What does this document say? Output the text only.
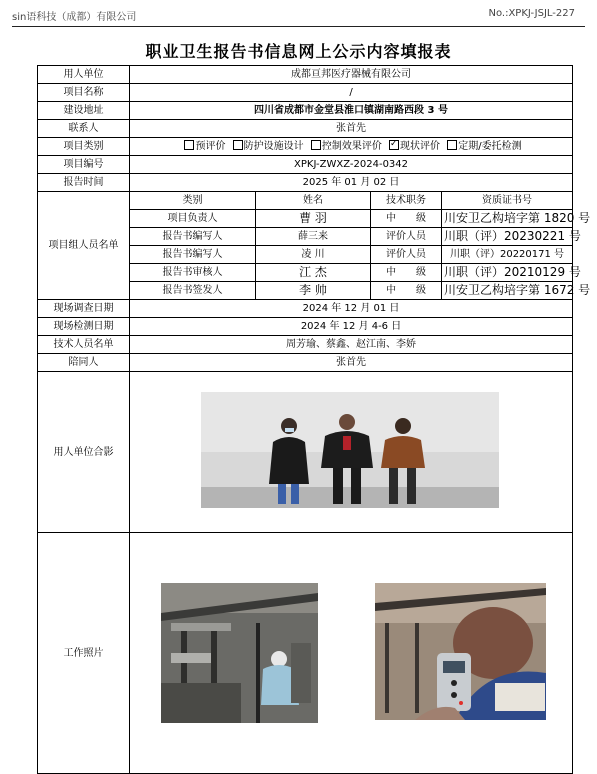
sin语科技（成都）有限公司	No.:XPKJ-JSJL-227
职业卫生报告书信息网上公示内容填报表
用人单位	成都亘邦医疗器械有限公司			
项目名称	/			
建设地址	四川省成都市金堂县淮口镇湖南路西段 3 号			
联系人	张首先			
项目类别	预评价 防护设施设计 控制效果评价 ✓ 现状评价 定期/委托检测
项目编号	XPKJ-ZWXZ-2024-0342			
报告时间	2025 年 01 月 02 日			
项目组人员名单	类别	姓名	技术职务	资质证书号
	项目负责人	曹 羽	中　　级	川安卫乙构培字第 1820 号
	报告书编写人	薛三来	评价人员	川职（评）20230221 号
	报告书编写人	凌 川	评价人员	川职（评）20220171 号
	报告书审核人	江 杰	中　　级	川职（评）20210129 号
	报告书签发人	李 帅	中　　级	川安卫乙构培字第 1672 号
现场调查日期	2024 年 12 月 01 日			
现场检测日期	2024 年 12 月 4-6 日			
技术人员名单	周芳瑜、蔡鑫、赵江南、李娇			
陪同人	张首先			
用人单位合影	

工作照片	
